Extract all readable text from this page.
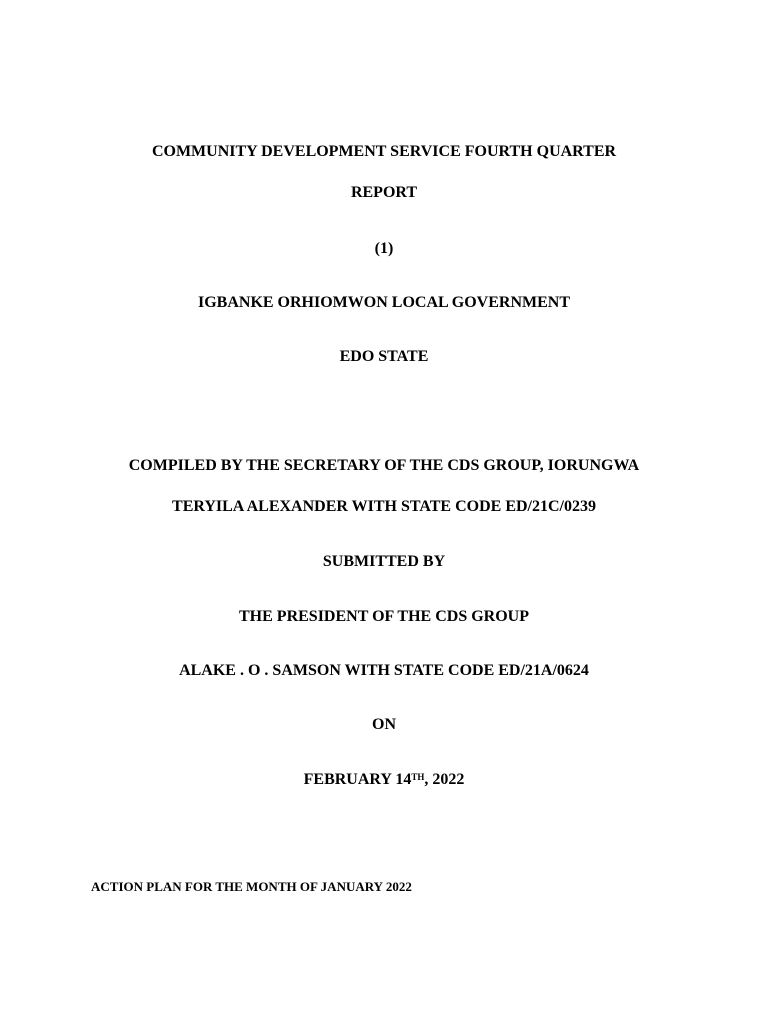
COMMUNITY DEVELOPMENT SERVICE FOURTH QUARTER
REPORT
(1)
IGBANKE ORHIOMWON LOCAL GOVERNMENT
EDO STATE
COMPILED BY THE SECRETARY OF THE CDS GROUP, IORUNGWA
TERYILA ALEXANDER WITH STATE CODE ED/21C/0239
SUBMITTED BY
THE PRESIDENT OF THE CDS GROUP
ALAKE . O . SAMSON WITH STATE CODE ED/21A/0624
ON
FEBRUARY 14TH, 2022
ACTION PLAN FOR THE MONTH OF JANUARY 2022
